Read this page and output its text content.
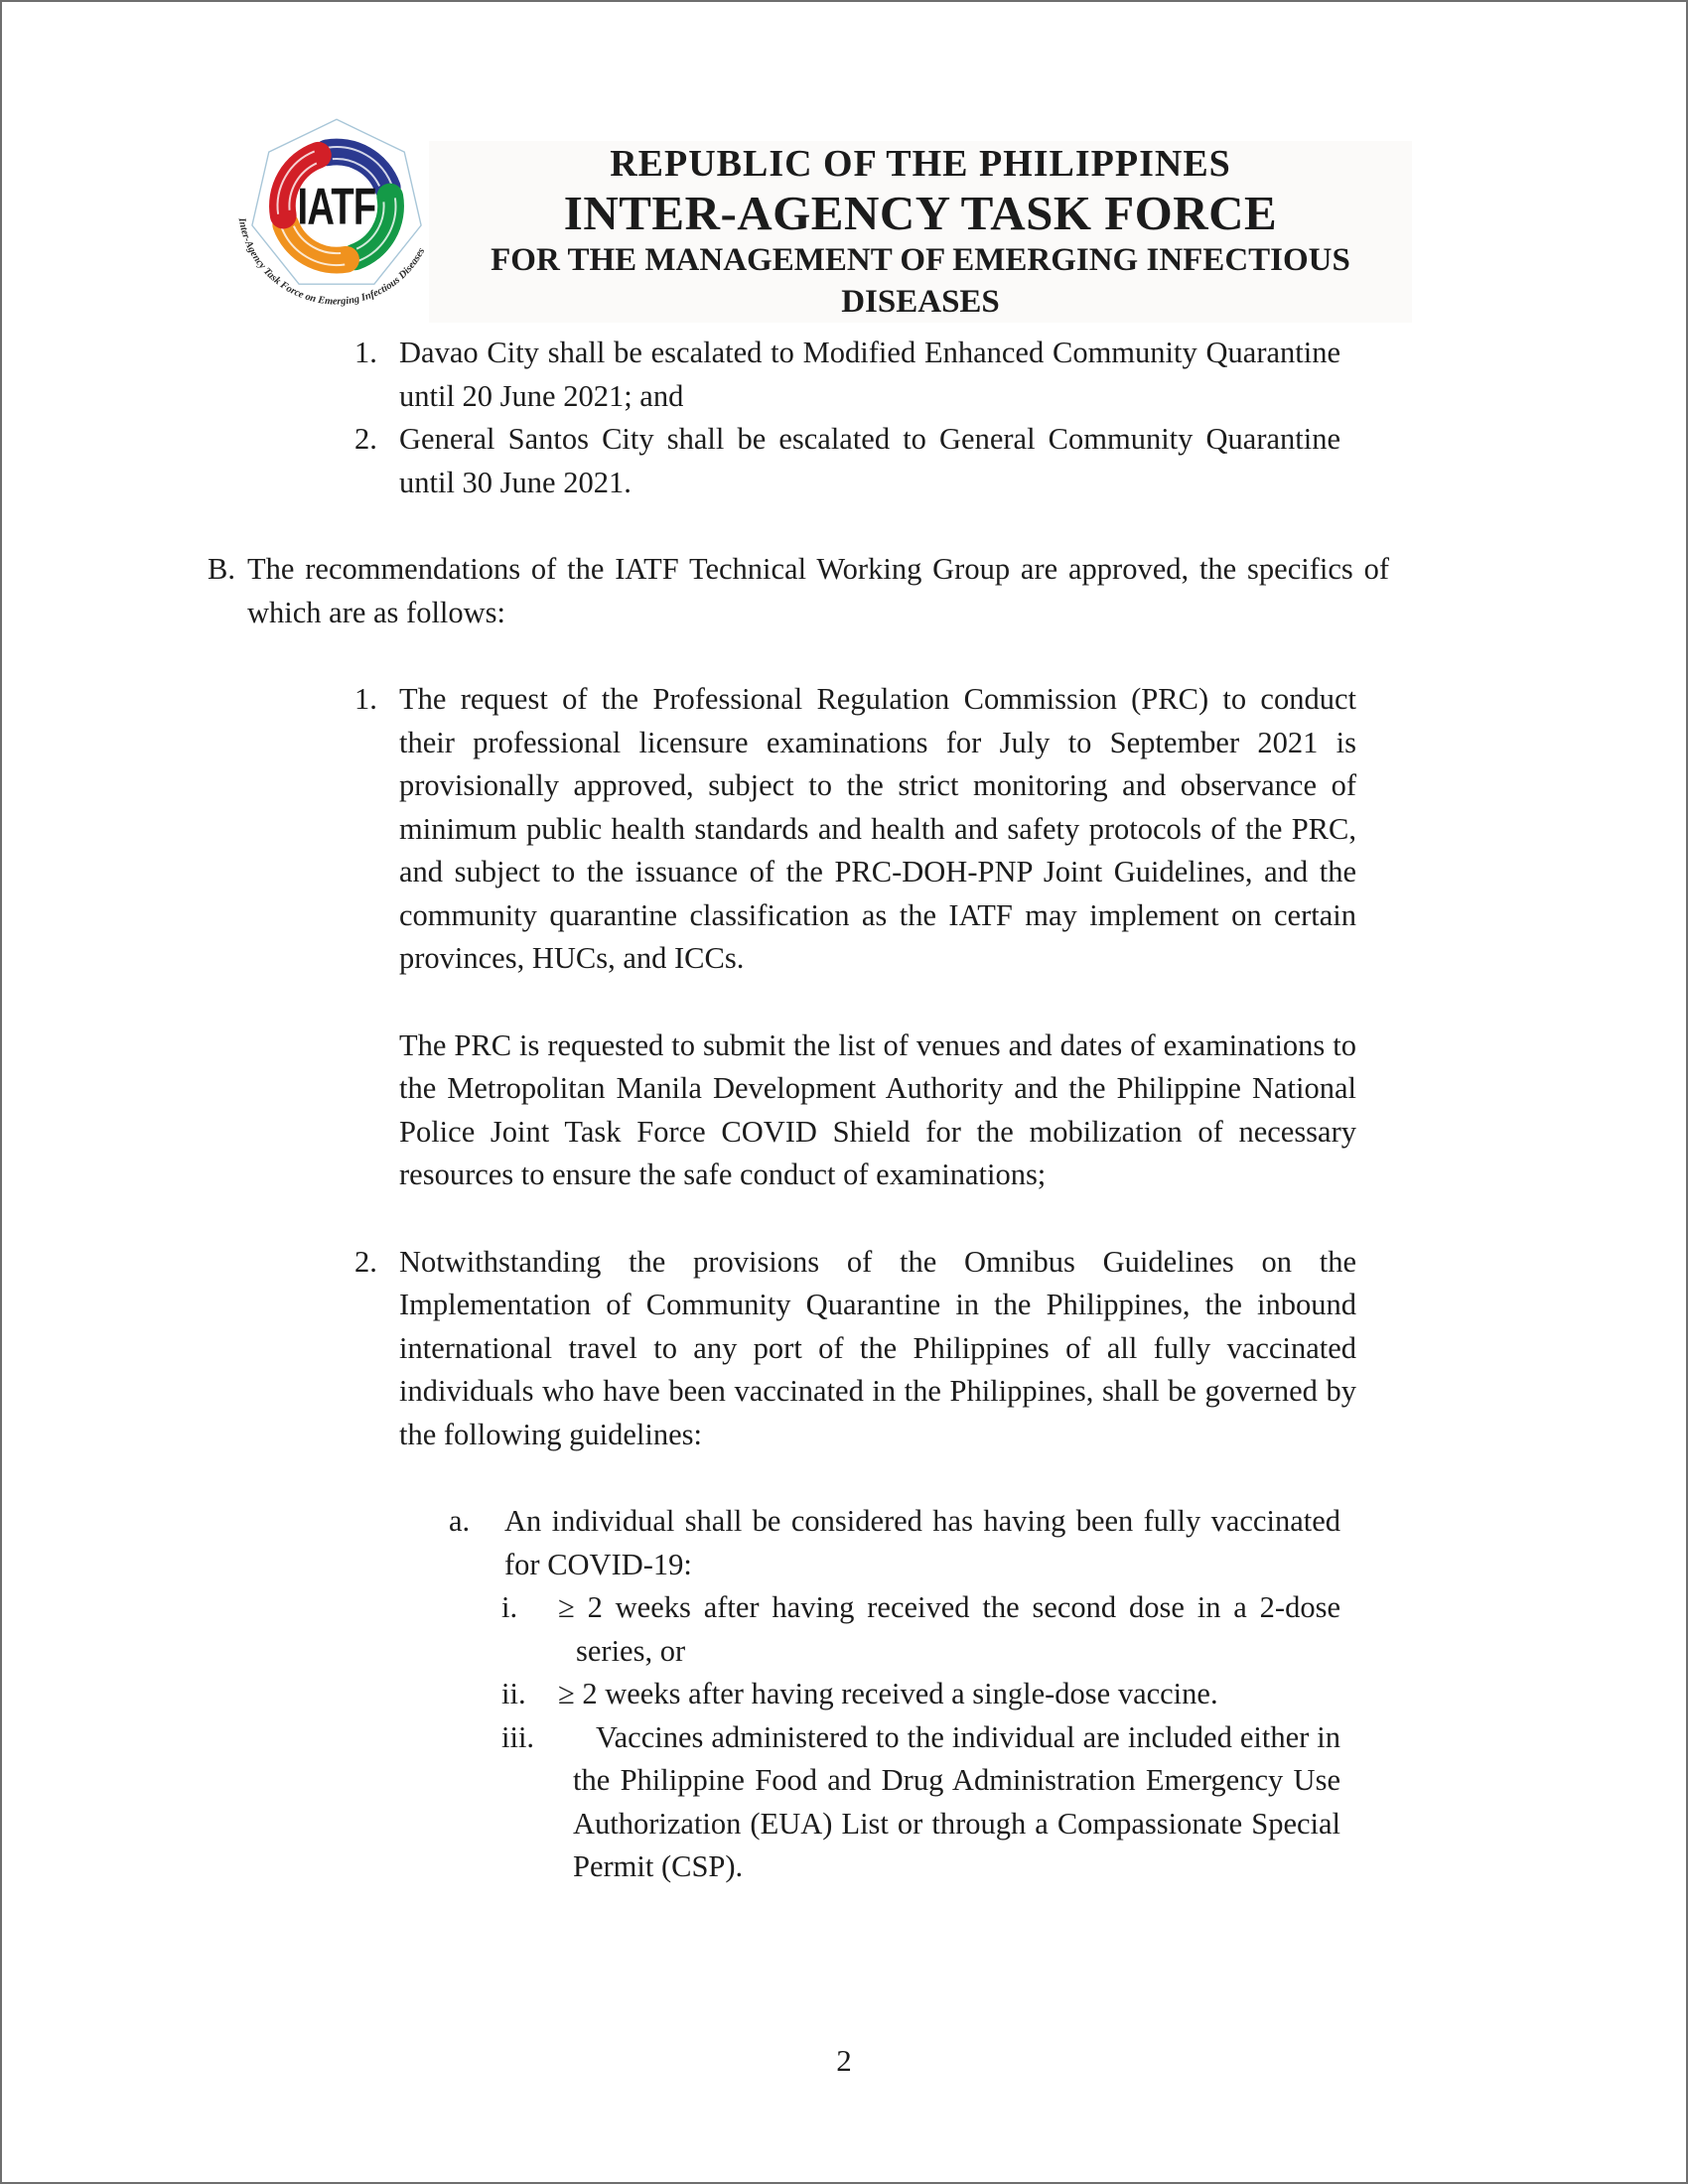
IATF
Inter-Agency Task Force on Emerging Infectious Diseases
REPUBLIC OF THE PHILIPPINES
INTER-AGENCY TASK FORCE
FOR THE MANAGEMENT OF EMERGING INFECTIOUS DISEASES
1. Davao City shall be escalated to Modified Enhanced Community Quarantine until 20 June 2021; and
2. General Santos City shall be escalated to General Community Quarantine until 30 June 2021.
B. The recommendations of the IATF Technical Working Group are approved, the specifics of which are as follows:
1. The request of the Professional Regulation Commission (PRC) to conduct their professional licensure examinations for July to September 2021 is provisionally approved, subject to the strict monitoring and observance of minimum public health standards and health and safety protocols of the PRC, and subject to the issuance of the PRC-DOH-PNP Joint Guidelines, and the community quarantine classification as the IATF may implement on certain provinces, HUCs, and ICCs.
The PRC is requested to submit the list of venues and dates of examinations to the Metropolitan Manila Development Authority and the Philippine National Police Joint Task Force COVID Shield for the mobilization of necessary resources to ensure the safe conduct of examinations;
2. Notwithstanding the provisions of the Omnibus Guidelines on the Implementation of Community Quarantine in the Philippines, the inbound international travel to any port of the Philippines of all fully vaccinated individuals who have been vaccinated in the Philippines, shall be governed by the following guidelines:
a.	An individual shall be considered has having been fully vaccinated for COVID-19:
i.	≥ 2 weeks after having received the second dose in a 2-dose series, or
ii.	≥ 2 weeks after having received a single-dose vaccine.
iii.	Vaccines administered to the individual are included either in the Philippine Food and Drug Administration Emergency Use Authorization (EUA) List or through a Compassionate Special Permit (CSP).
2
